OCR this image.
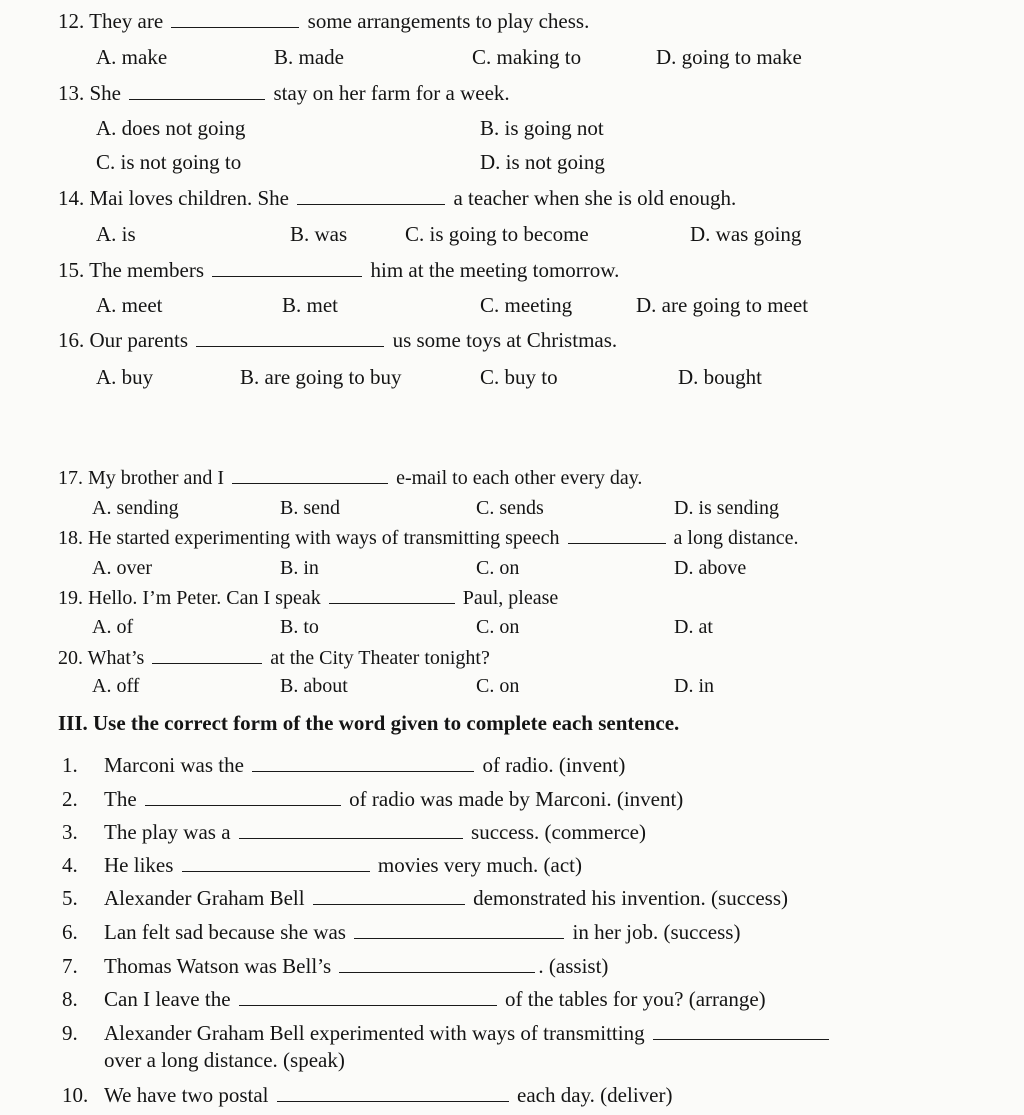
12. They are	some arrangements to play chess.
A. make	B. made	C. making to	D. going to make
13. She	stay on her farm for a week.
A. does not going	B. is going not
C. is not going to	D. is not going
14. Mai loves children. She	a teacher when she is old enough.
A. is	B. was	C. is going to become	D. was going
15. The members	him at the meeting tomorrow.
A. meet	B. met	C. meeting	D. are going to meet
16. Our parents	us some toys at Christmas.
A. buy	B. are going to buy	C. buy to	D. bought
17. My brother and I	e-mail to each other every day.
A. sending	B. send	C. sends	D. is sending
18. He started experimenting with ways of transmitting speech	a long distance.
A. over	B. in	C. on	D. above
19. Hello. I’m Peter. Can I speak	Paul, please
A. of	B. to	C. on	D. at
20. What’s	at the City Theater tonight?
A. off	B. about	C. on	D. in
III. Use the correct form of the word given to complete each sentence.
1. Marconi was the	of radio. (invent)
2. The	of radio was made by Marconi. (invent)
3. The play was a	success. (commerce)
4. He likes	movies very much. (act)
5. Alexander Graham Bell	demonstrated his invention. (success)
6. Lan felt sad because she was	in her job. (success)
7. Thomas Watson was Bell’s	. (assist)
8. Can I leave the	of the tables for you? (arrange)
9. Alexander Graham Bell experimented with ways of transmitting
over a long distance. (speak)
10. We have two postal	each day. (deliver)
